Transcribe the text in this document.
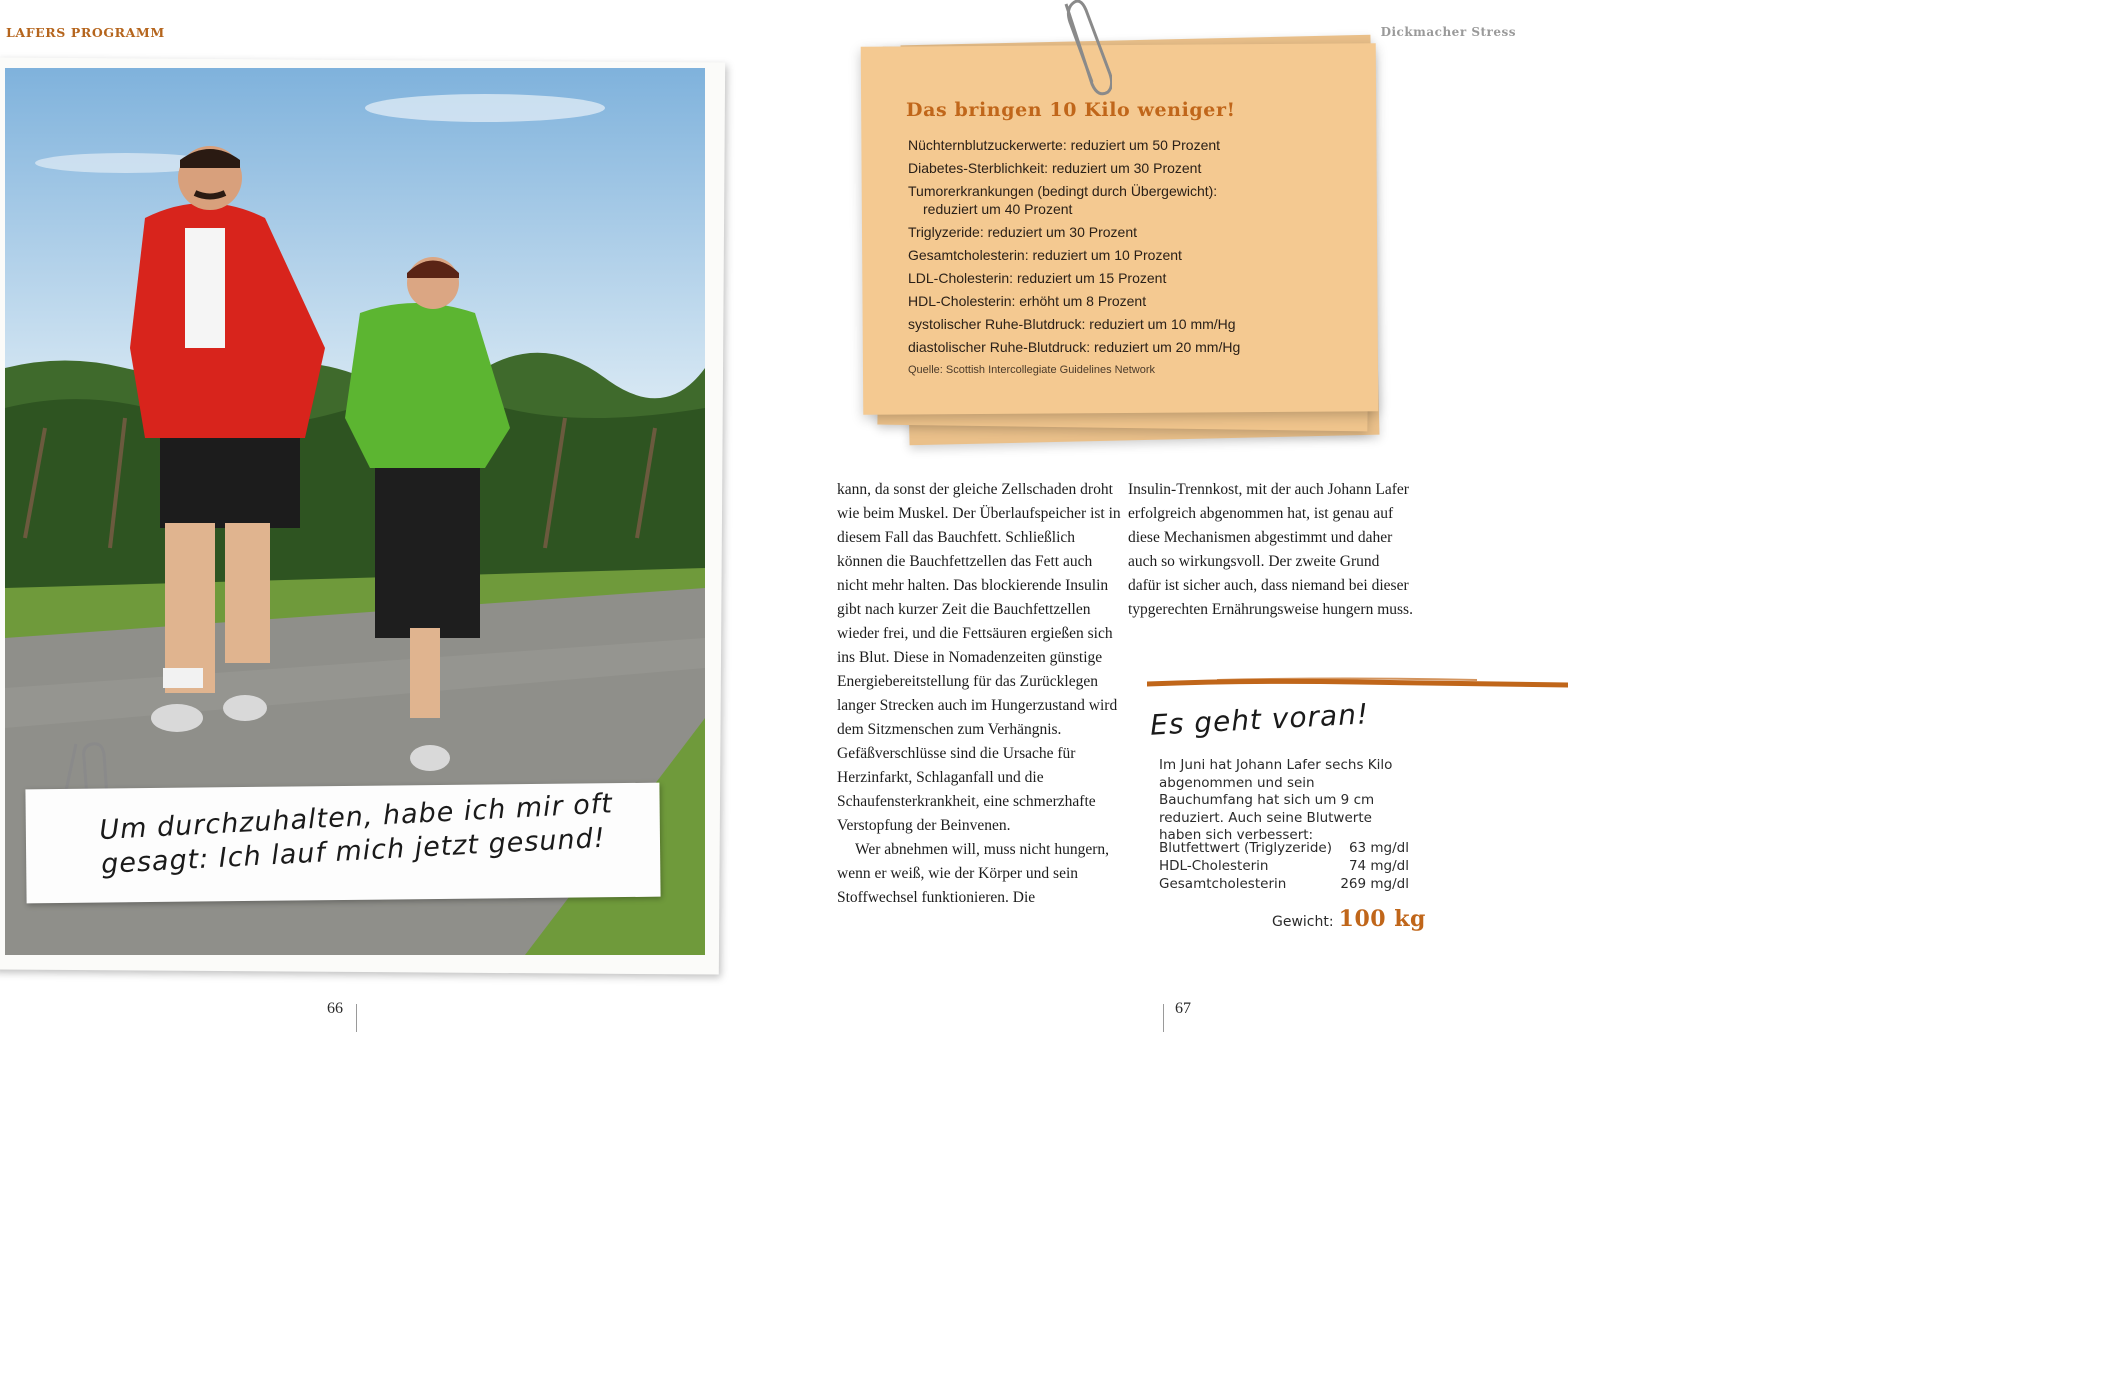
LAFERS PROGRAMM	Dickmacher Stress
Um durchzuhalten, habe ich mir oft gesagt: Ich lauf mich jetzt gesund!
Das bringen 10 Kilo weniger!
Nüchternblutzuckerwerte: reduziert um 50 Prozent
Diabetes-Sterblichkeit: reduziert um 30 Prozent
Tumorerkrankungen (bedingt durch Übergewicht):
reduziert um 40 Prozent
Triglyzeride: reduziert um 30 Prozent
Gesamtcholesterin: reduziert um 10 Prozent
LDL-Cholesterin: reduziert um 15 Prozent
HDL-Cholesterin: erhöht um 8 Prozent
systolischer Ruhe-Blutdruck: reduziert um 10 mm/Hg
diastolischer Ruhe-Blutdruck: reduziert um 20 mm/Hg
Quelle: Scottish Intercollegiate Guidelines Network

kann, da sonst der gleiche Zellschaden droht wie beim Muskel. Der Überlaufspeicher ist in diesem Fall das Bauchfett. Schließlich können die Bauchfettzellen das Fett auch nicht mehr halten. Das blockierende Insulin gibt nach kurzer Zeit die Bauchfettzellen wieder frei, und die Fettsäuren ergießen sich ins Blut. Diese in Nomadenzeiten günstige Energiebereitstellung für das Zurücklegen langer Strecken auch im Hungerzustand wird dem Sitzmenschen zum Verhängnis. Gefäßverschlüsse sind die Ursache für Herzinfarkt, Schlaganfall und die Schaufensterkrankheit, eine schmerzhafte Verstopfung der Beinvenen.

Wer abnehmen will, muss nicht hungern, wenn er weiß, wie der Körper und sein Stoffwechsel funktionieren. Die

Insulin-Trennkost, mit der auch Johann Lafer erfolgreich abgenommen hat, ist genau auf diese Mechanismen abgestimmt und daher auch so wirkungsvoll. Der zweite Grund dafür ist sicher auch, dass niemand bei dieser typgerechten Ernährungsweise hungern muss.

Es geht voran!

Im Juni hat Johann Lafer sechs Kilo abgenommen und sein Bauchumfang hat sich um 9 cm reduziert. Auch seine Blutwerte haben sich verbessert:

Blutfettwert (Triglyzeride) 63 mg/dl
HDL-Cholesterin	74 mg/dl
Gesamtcholesterin	269 mg/dl
Gewicht: 100 kg
66	67
